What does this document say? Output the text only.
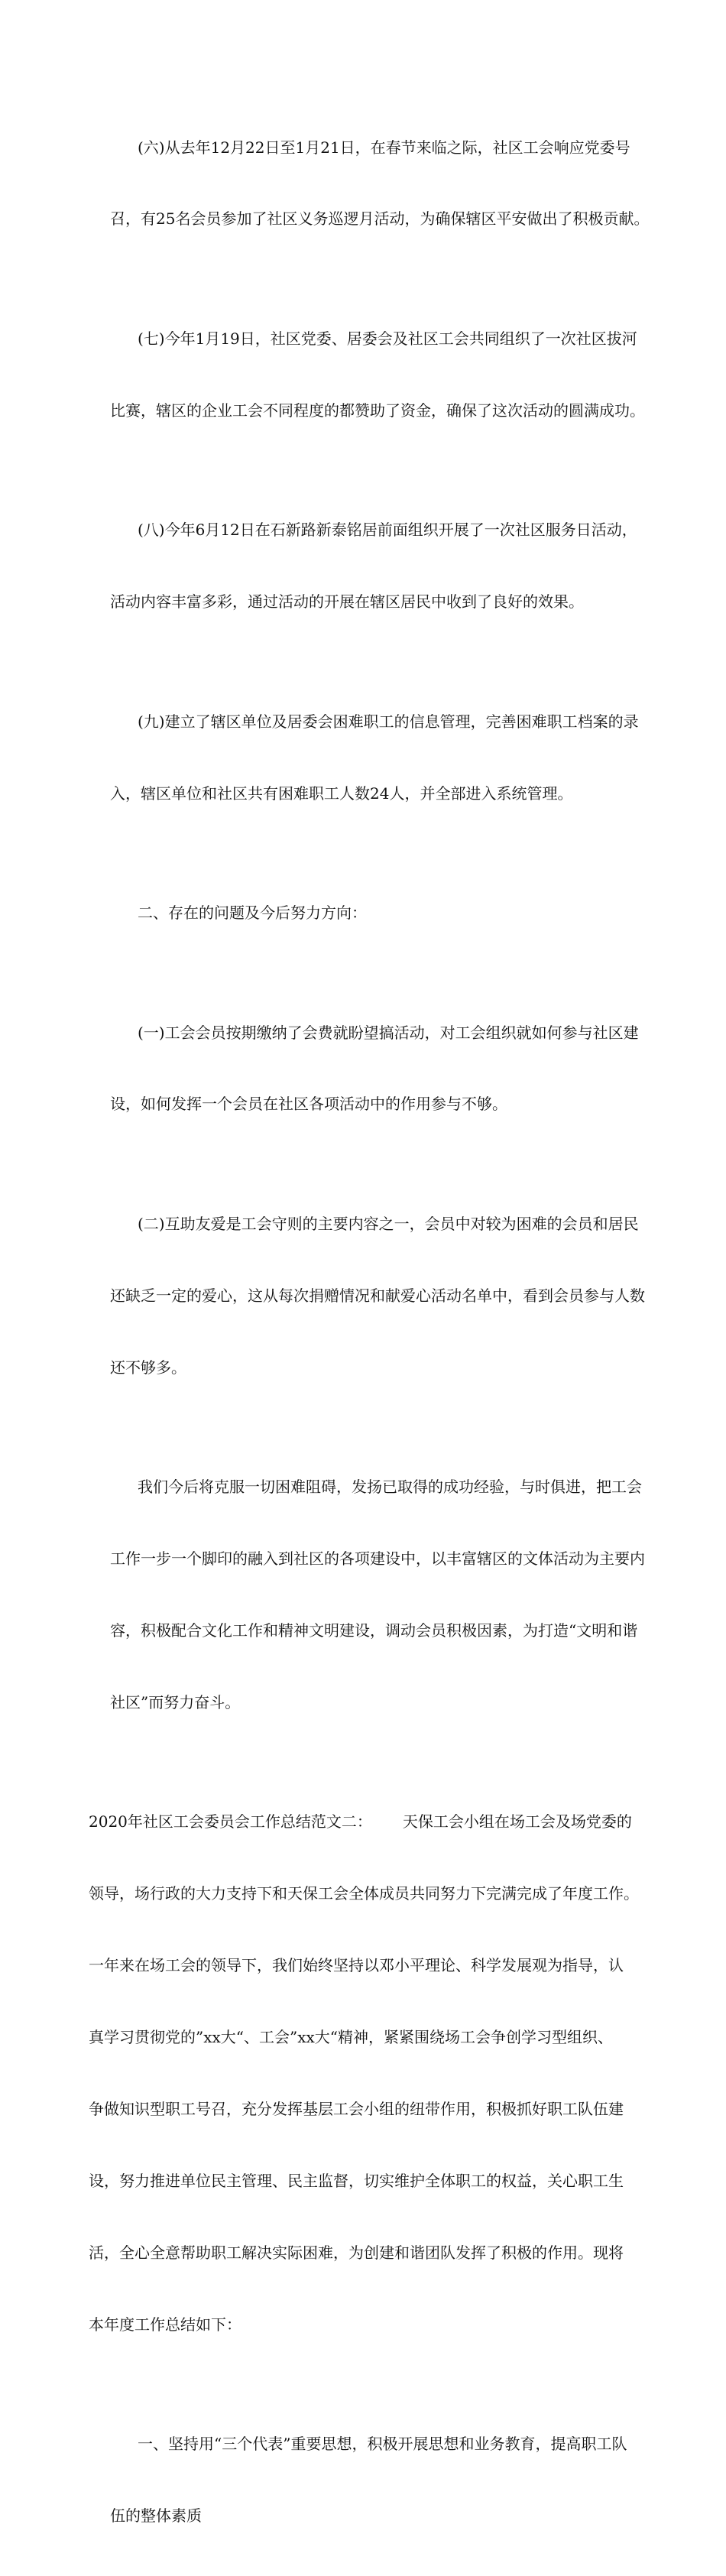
(六)从去年12月22日至1月21日，在春节来临之际，社区工会响应党委号

召，有25名会员参加了社区义务巡逻月活动，为确保辖区平安做出了积极贡献。

(七)今年1月19日，社区党委、居委会及社区工会共同组织了一次社区拔河

比赛，辖区的企业工会不同程度的都赞助了资金，确保了这次活动的圆满成功。

(八)今年6月12日在石新路新泰铭居前面组织开展了一次社区服务日活动，

活动内容丰富多彩，通过活动的开展在辖区居民中收到了良好的效果。

(九)建立了辖区单位及居委会困难职工的信息管理，完善困难职工档案的录

入，辖区单位和社区共有困难职工人数24人，并全部进入系统管理。

二、存在的问题及今后努力方向：

(一)工会会员按期缴纳了会费就盼望搞活动，对工会组织就如何参与社区建

设，如何发挥一个会员在社区各项活动中的作用参与不够。

(二)互助友爱是工会守则的主要内容之一，会员中对较为困难的会员和居民

还缺乏一定的爱心，这从每次捐赠情况和献爱心活动名单中，看到会员参与人数

还不够多。

我们今后将克服一切困难阻碍，发扬已取得的成功经验，与时俱进，把工会

工作一步一个脚印的融入到社区的各项建设中，以丰富辖区的文体活动为主要内

容，积极配合文化工作和精神文明建设，调动会员积极因素，为打造“文明和谐

社区”而努力奋斗。

2020年社区工会委员会工作总结范文二： 天保工会小组在场工会及场党委的

领导，场行政的大力支持下和天保工会全体成员共同努力下完满完成了年度工作。

一年来在场工会的领导下，我们始终坚持以邓小平理论、科学发展观为指导，认

真学习贯彻党的”xx大“、工会”xx大“精神，紧紧围绕场工会争创学习型组织、

争做知识型职工号召，充分发挥基层工会小组的纽带作用，积极抓好职工队伍建

设，努力推进单位民主管理、民主监督，切实维护全体职工的权益，关心职工生

活，全心全意帮助职工解决实际困难，为创建和谐团队发挥了积极的作用。现将

本年度工作总结如下：

一、坚持用“三个代表”重要思想，积极开展思想和业务教育，提高职工队

伍的整体素质
